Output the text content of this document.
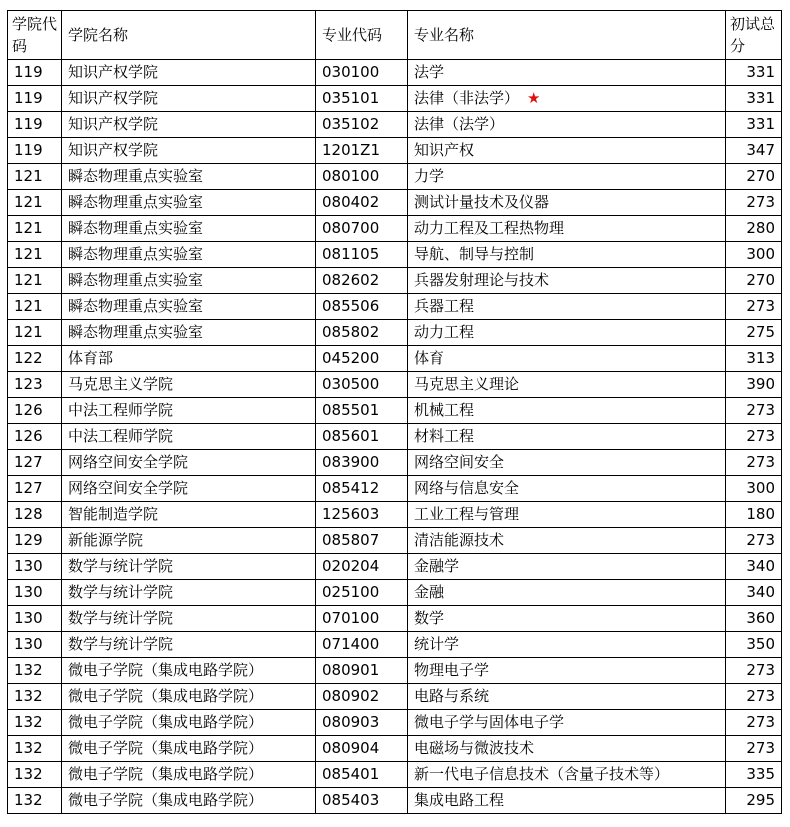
学院代码	学院名称	专业代码	专业名称	初试总分
119	知识产权学院	030100	法学	331
119	知识产权学院	035101	法律（非法学） ★	331
119	知识产权学院	035102	法律（法学）	331
119	知识产权学院	1201Z1	知识产权	347
121	瞬态物理重点实验室	080100	力学	270
121	瞬态物理重点实验室	080402	测试计量技术及仪器	273
121	瞬态物理重点实验室	080700	动力工程及工程热物理	280
121	瞬态物理重点实验室	081105	导航、制导与控制	300
121	瞬态物理重点实验室	082602	兵器发射理论与技术	270
121	瞬态物理重点实验室	085506	兵器工程	273
121	瞬态物理重点实验室	085802	动力工程	275
122	体育部	045200	体育	313
123	马克思主义学院	030500	马克思主义理论	390
126	中法工程师学院	085501	机械工程	273
126	中法工程师学院	085601	材料工程	273
127	网络空间安全学院	083900	网络空间安全	273
127	网络空间安全学院	085412	网络与信息安全	300
128	智能制造学院	125603	工业工程与管理	180
129	新能源学院	085807	清洁能源技术	273
130	数学与统计学院	020204	金融学	340
130	数学与统计学院	025100	金融	340
130	数学与统计学院	070100	数学	360
130	数学与统计学院	071400	统计学	350
132	微电子学院（集成电路学院）	080901	物理电子学	273
132	微电子学院（集成电路学院）	080902	电路与系统	273
132	微电子学院（集成电路学院）	080903	微电子学与固体电子学	273
132	微电子学院（集成电路学院）	080904	电磁场与微波技术	273
132	微电子学院（集成电路学院）	085401	新一代电子信息技术（含量子技术等）	335
132	微电子学院（集成电路学院）	085403	集成电路工程	295
